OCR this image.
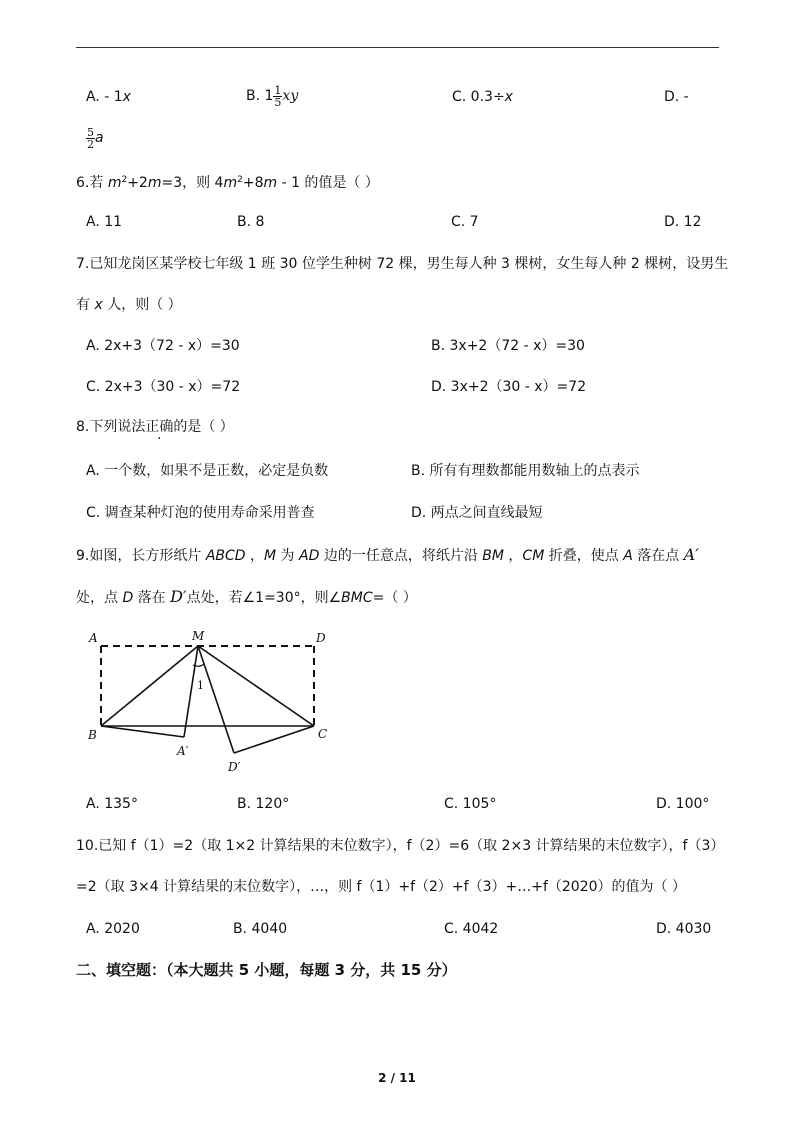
A. - 1x	B. $1 \frac{1}{5}$ xy	C. 0.3÷x	D. -
$\frac{5}{2}$ a
6.若 $m^2+2m=3$，则 $4m^2+8m - 1$ 的值是（ ）
A. 11	B. 8	C. 7	D. 12
7.已知龙岗区某学校七年级 1 班 30 位学生种树 72 棵，男生每人种 3 棵树，女生每人种 2 棵树，设男生
有 x 人，则（ ）
A. 2x+3（72 - x）=30	B. 3x+2（72 - x）=30
C. 2x+3（30 - x）=72	D. 3x+2（30 - x）=72
8.下列说法正确的是（ ）
A. 一个数，如果不是正数，必定是负数	B. 所有有理数都能用数轴上的点表示
C. 调查某种灯泡的使用寿命采用普查	D. 两点之间直线最短
9.如图，长方形纸片 ABCD ，M 为 AD 边的一任意点，将纸片沿 BM ，CM 折叠，使点 A 落在点 A′
处，点 D 落在 D′点处，若∠1=30°，则∠BMC=（ ）
A	M	D
B	C
A′
D′
1
A. 135°	B. 120°	C. 105°	D. 100°
10.已知 f（1）=2（取 1×2 计算结果的末位数字），f（2）=6（取 2×3 计算结果的末位数字），f（3）
=2（取 3×4 计算结果的末位数字），…，则 f（1）+f（2）+f（3）+…+f（2020）的值为（ ）
A. 2020	B. 4040	C. 4042	D. 4030
二、填空题：（本大题共 5 小题，每题 3 分，共 15 分）
2 / 11
